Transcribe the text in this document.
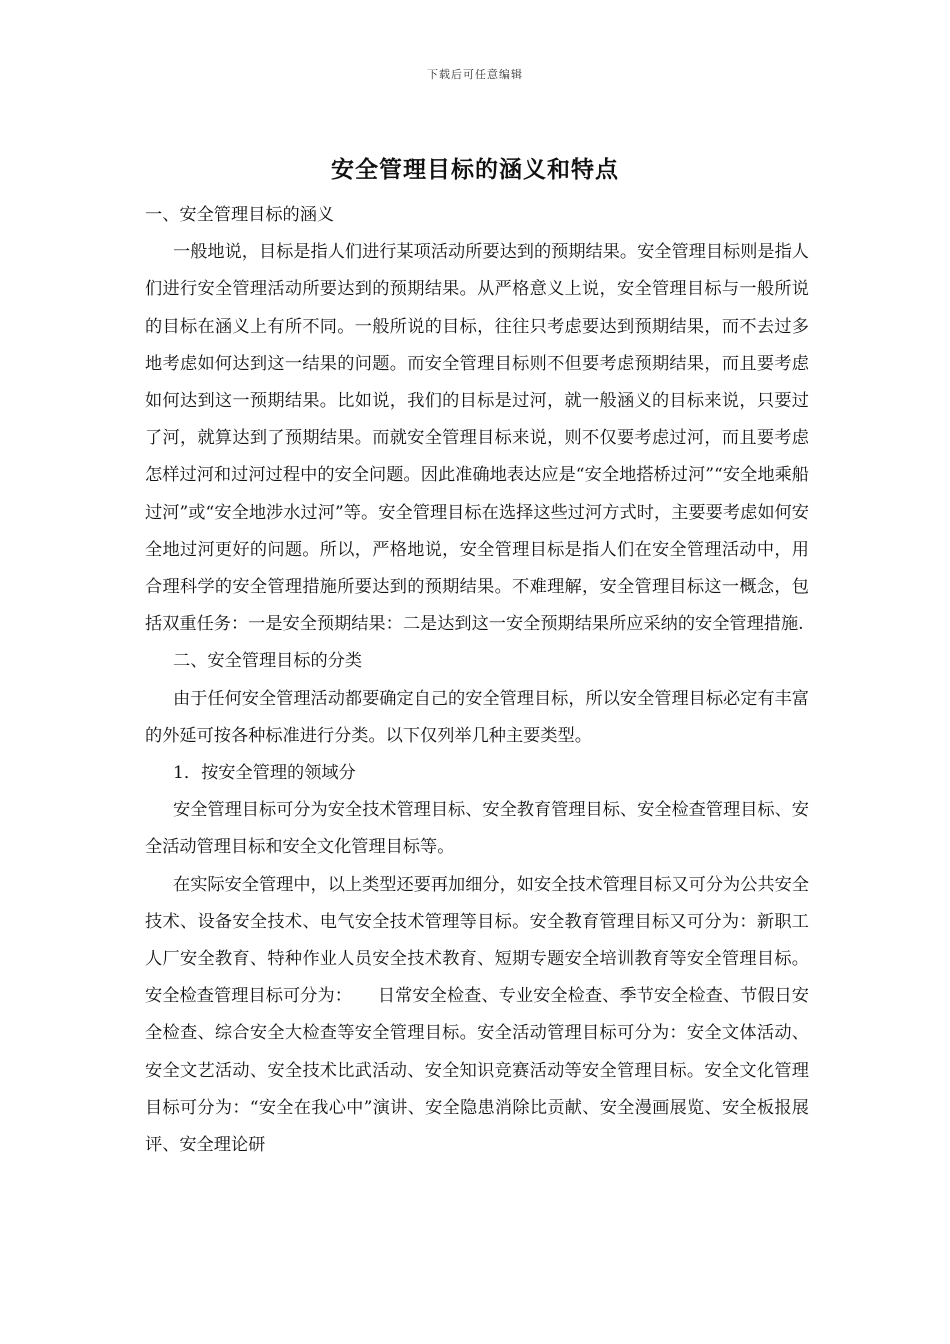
下载后可任意编辑
安全管理目标的涵义和特点

一、安全管理目标的涵义

一般地说，目标是指人们进行某项活动所要达到的预期结果。安全管理目标则是指人们进行安全管理活动所要达到的预期结果。从严格意义上说，安全管理目标与一般所说的目标在涵义上有所不同。一般所说的目标，往往只考虑要达到预期结果，而不去过多地考虑如何达到这一结果的问题。而安全管理目标则不但要考虑预期结果，而且要考虑如何达到这一预期结果。比如说，我们的目标是过河，就一般涵义的目标来说，只要过了河，就算达到了预期结果。而就安全管理目标来说，则不仅要考虑过河，而且要考虑怎样过河和过河过程中的安全问题。因此准确地表达应是“安全地搭桥过河”“安全地乘船过河”或“安全地涉水过河”等。安全管理目标在选择这些过河方式时，主要要考虑如何安全地过河更好的问题。所以，严格地说，安全管理目标是指人们在安全管理活动中，用合理科学的安全管理措施所要达到的预期结果。不难理解，安全管理目标这一概念，包括双重任务：一是安全预期结果：二是达到这一安全预期结果所应采纳的安全管理措施.

二、安全管理目标的分类

由于任何安全管理活动都要确定自己的安全管理目标，所以安全管理目标必定有丰富的外延可按各种标准进行分类。以下仅列举几种主要类型。

1．按安全管理的领域分

安全管理目标可分为安全技术管理目标、安全教育管理目标、安全检查管理目标、安全活动管理目标和安全文化管理目标等。

在实际安全管理中，以上类型还要再加细分，如安全技术管理目标又可分为公共安全技术、设备安全技术、电气安全技术管理等目标。安全教育管理目标又可分为：新职工人厂安全教育、特种作业人员安全技术教育、短期专题安全培训教育等安全管理目标。安全检查管理目标可分为：　　日常安全检查、专业安全检查、季节安全检查、节假日安全检查、综合安全大检查等安全管理目标。安全活动管理目标可分为：安全文体活动、安全文艺活动、安全技术比武活动、安全知识竞赛活动等安全管理目标。安全文化管理目标可分为：“安全在我心中”演讲、安全隐患消除比贡献、安全漫画展览、安全板报展评、安全理论研
